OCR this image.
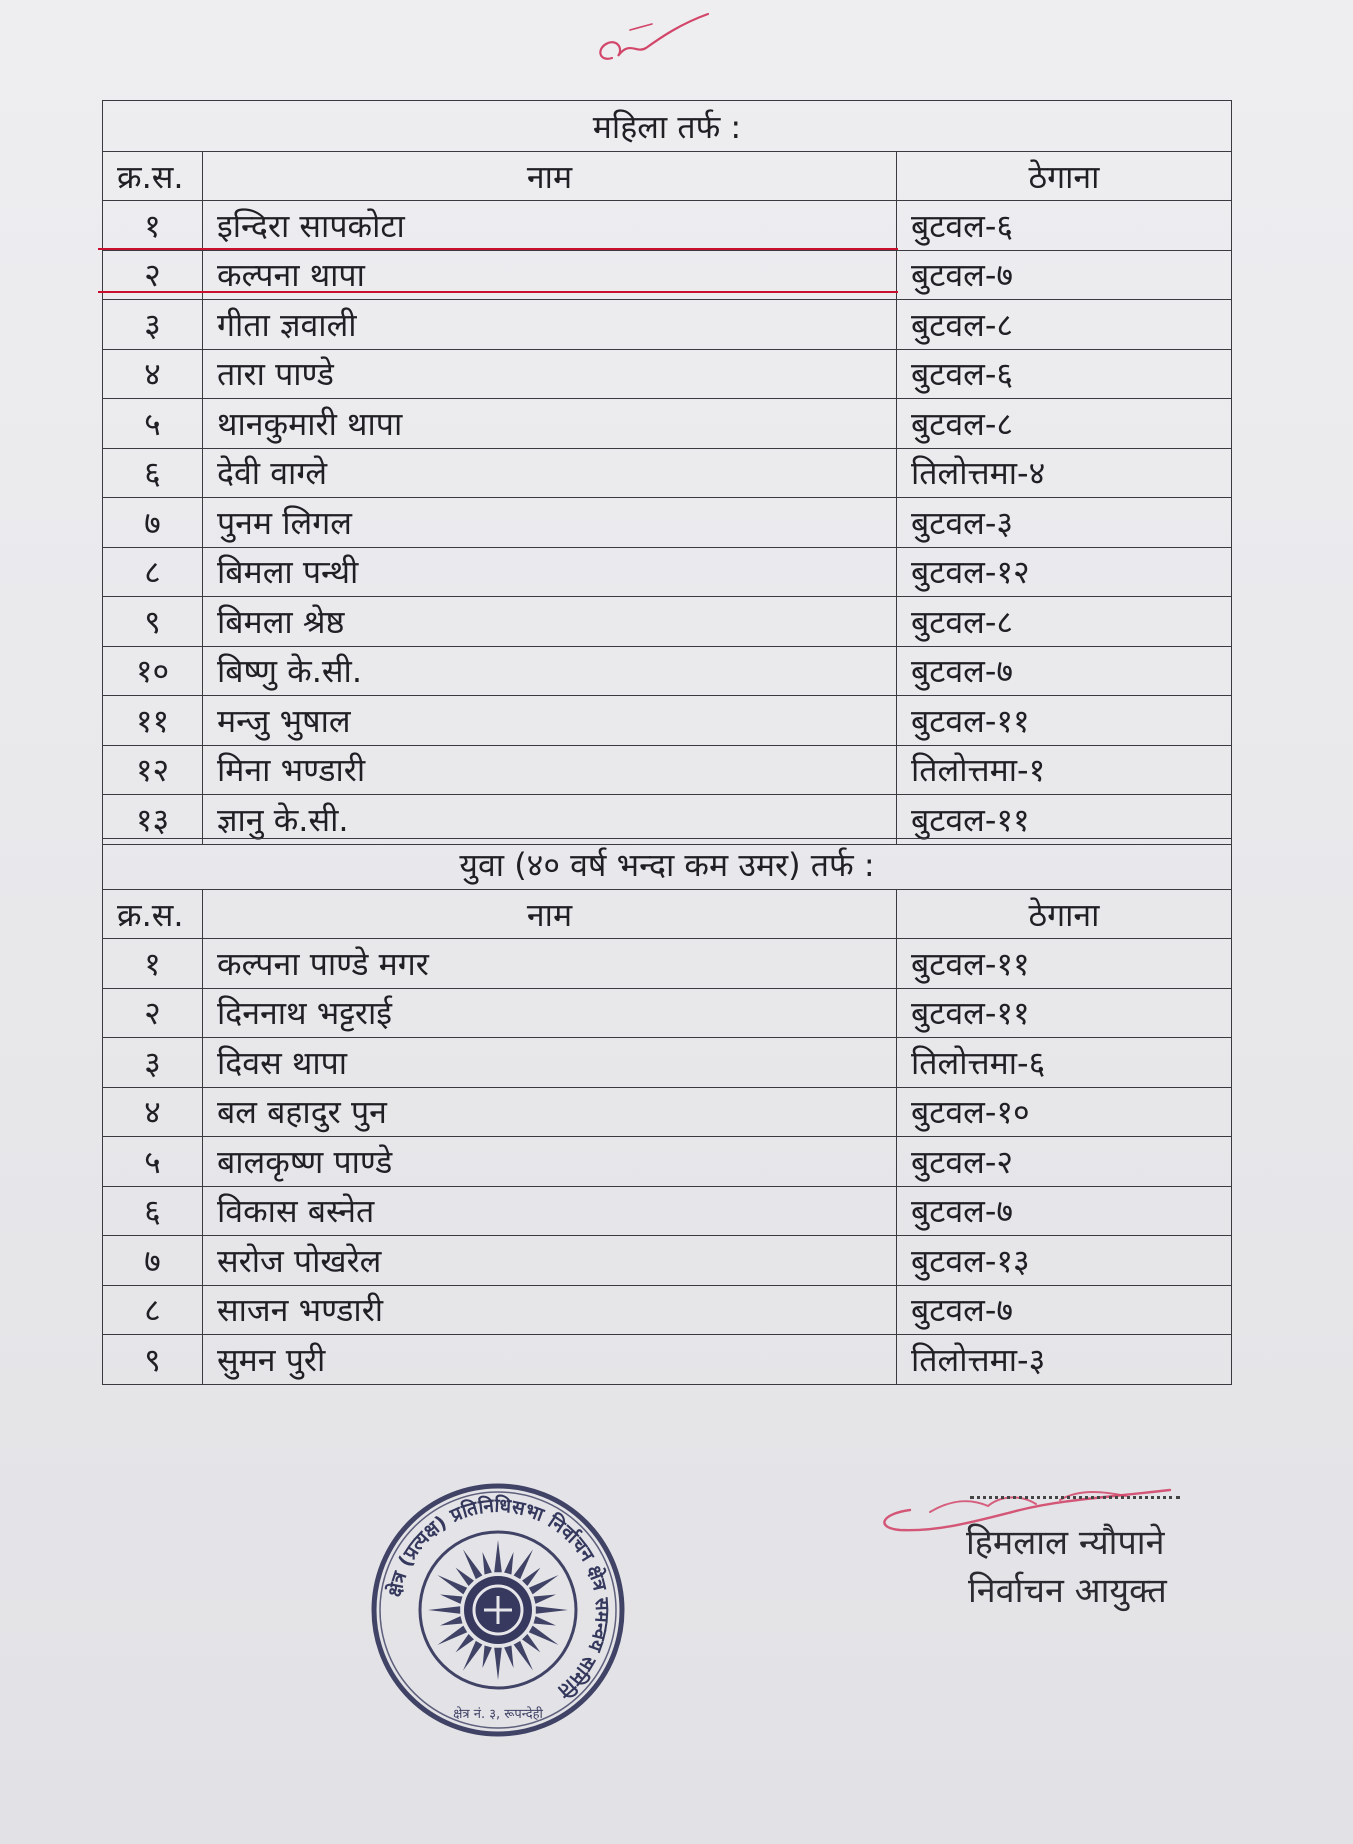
महिला तर्फ :		
क्र.स.	नाम	ठेगाना
१	इन्दिरा सापकोटा	बुटवल-६
२	कल्पना थापा	बुटवल-७
३	गीता ज्ञवाली	बुटवल-८
४	तारा पाण्डे	बुटवल-६
५	थानकुमारी थापा	बुटवल-८
६	देवी वाग्ले	तिलोत्तमा-४
७	पुनम लिगल	बुटवल-३
८	बिमला पन्थी	बुटवल-१२
९	बिमला श्रेष्ठ	बुटवल-८
१०	बिष्णु के.सी.	बुटवल-७
११	मन्जु भुषाल	बुटवल-११
१२	मिना भण्डारी	तिलोत्तमा-१
१३	ज्ञानु के.सी.	बुटवल-११
युवा (४० वर्ष भन्दा कम उमर) तर्फ :		
क्र.स.	नाम	ठेगाना
१	कल्पना पाण्डे मगर	बुटवल-११
२	दिननाथ भट्टराई	बुटवल-११
३	दिवस थापा	तिलोत्तमा-६
४	बल बहादुर पुन	बुटवल-१०
५	बालकृष्ण पाण्डे	बुटवल-२
६	विकास बस्नेत	बुटवल-७
७	सरोज पोखरेल	बुटवल-१३
८	साजन भण्डारी	बुटवल-७
९	सुमन पुरी	तिलोत्तमा-३
क्षेत्र (प्रत्यक्ष) प्रतिनिधिसभा निर्वाचन क्षेत्र समन्वय समिति
क्षेत्र नं. ३, रूपन्देही
हिमलाल न्यौपाने
निर्वाचन आयुक्त
